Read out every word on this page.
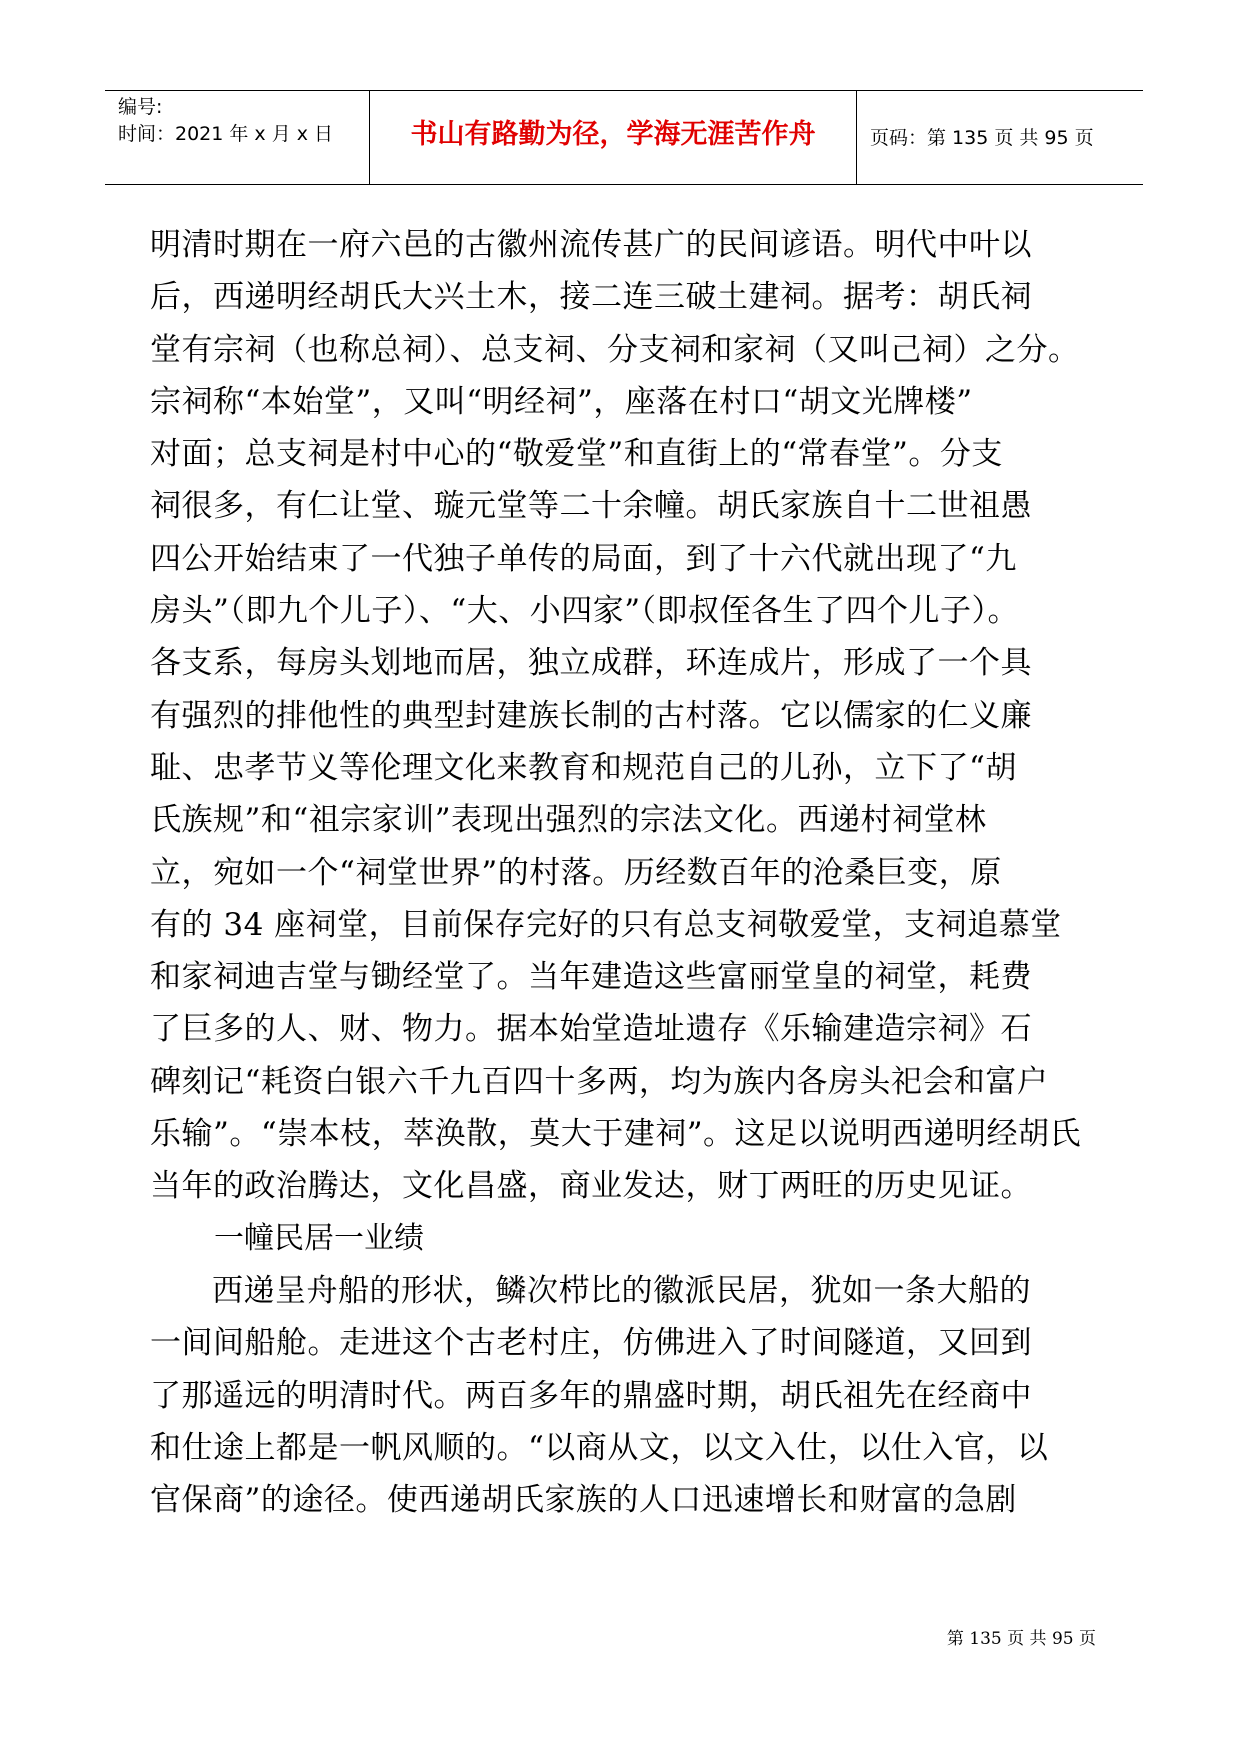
编号:
时间：2021 年 x 月 x 日	书山有路勤为径，学海无涯苦作舟	页码：第 135 页 共 95 页
明清时期在一府六邑的古徽州流传甚广的民间谚语。明代中叶以
后，西递明经胡氏大兴土木，接二连三破土建祠。据考：胡氏祠
堂有宗祠（也称总祠）、总支祠、分支祠和家祠（又叫己祠）之分。
宗祠称“本始堂”，又叫“明经祠”，座落在村口“胡文光牌楼”
对面；总支祠是村中心的“敬爱堂”和直街上的“常春堂”。分支
祠很多，有仁让堂、璇元堂等二十余幢。胡氏家族自十二世祖愚
四公开始结束了一代独子单传的局面，到了十六代就出现了“九
房头”（即九个儿子）、“大、小四家”（即叔侄各生了四个儿子）。
各支系，每房头划地而居，独立成群，环连成片，形成了一个具
有强烈的排他性的典型封建族长制的古村落。它以儒家的仁义廉
耻、忠孝节义等伦理文化来教育和规范自己的儿孙，立下了“胡
氏族规”和“祖宗家训”表现出强烈的宗法文化。西递村祠堂林
立，宛如一个“祠堂世界”的村落。历经数百年的沧桑巨变，原
有的 34 座祠堂，目前保存完好的只有总支祠敬爱堂，支祠追慕堂
和家祠迪吉堂与锄经堂了。当年建造这些富丽堂皇的祠堂，耗费
了巨多的人、财、物力。据本始堂造址遗存《乐输建造宗祠》石
碑刻记“耗资白银六千九百四十多两，均为族内各房头祀会和富户
乐输”。“崇本枝，萃涣散，莫大于建祠”。这足以说明西递明经胡氏
当年的政治腾达，文化昌盛，商业发达，财丁两旺的历史见证。
一幢民居一业绩
西递呈舟船的形状，鳞次栉比的徽派民居，犹如一条大船的
一间间船舱。走进这个古老村庄，仿佛进入了时间隧道，又回到
了那遥远的明清时代。两百多年的鼎盛时期，胡氏祖先在经商中
和仕途上都是一帆风顺的。“以商从文，以文入仕，以仕入官，以
官保商”的途径。使西递胡氏家族的人口迅速增长和财富的急剧
第 135 页 共 95 页
